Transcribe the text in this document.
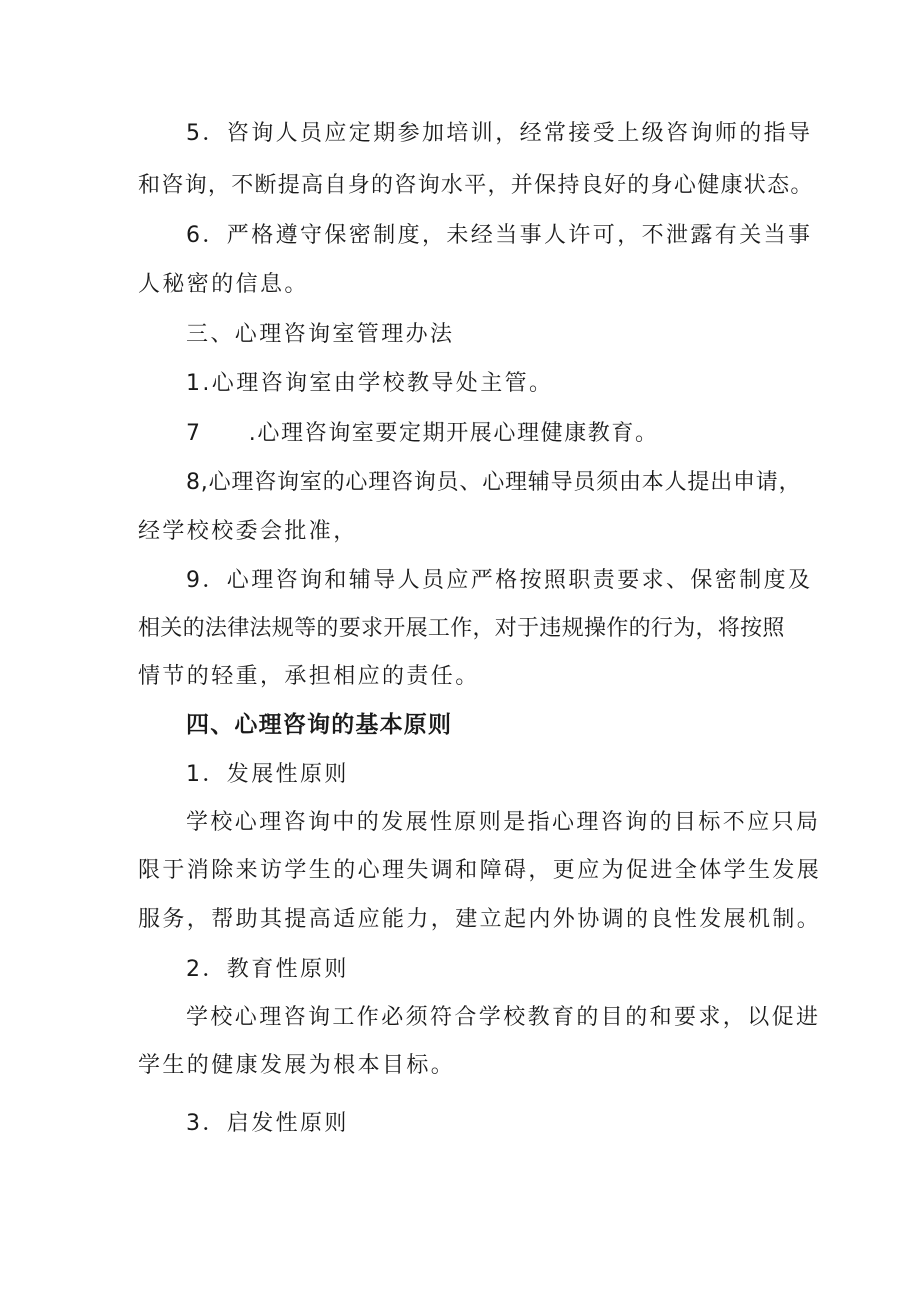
5．咨询人员应定期参加培训，经常接受上级咨询师的指导
和咨询，不断提高自身的咨询水平，并保持良好的身心健康状态。
6．严格遵守保密制度，未经当事人许可，不泄露有关当事
人秘密的信息。
三、心理咨询室管理办法
1.心理咨询室由学校教导处主管。
7　　.心理咨询室要定期开展心理健康教育。
8,心理咨询室的心理咨询员、心理辅导员须由本人提出申请，
经学校校委会批准，
9．心理咨询和辅导人员应严格按照职责要求、保密制度及
相关的法律法规等的要求开展工作，对于违规操作的行为，将按照
情节的轻重，承担相应的责任。
四、心理咨询的基本原则
1．发展性原则
学校心理咨询中的发展性原则是指心理咨询的目标不应只局
限于消除来访学生的心理失调和障碍，更应为促进全体学生发展
服务，帮助其提高适应能力，建立起内外协调的良性发展机制。
2．教育性原则
学校心理咨询工作必须符合学校教育的目的和要求，以促进
学生的健康发展为根本目标。
3．启发性原则
